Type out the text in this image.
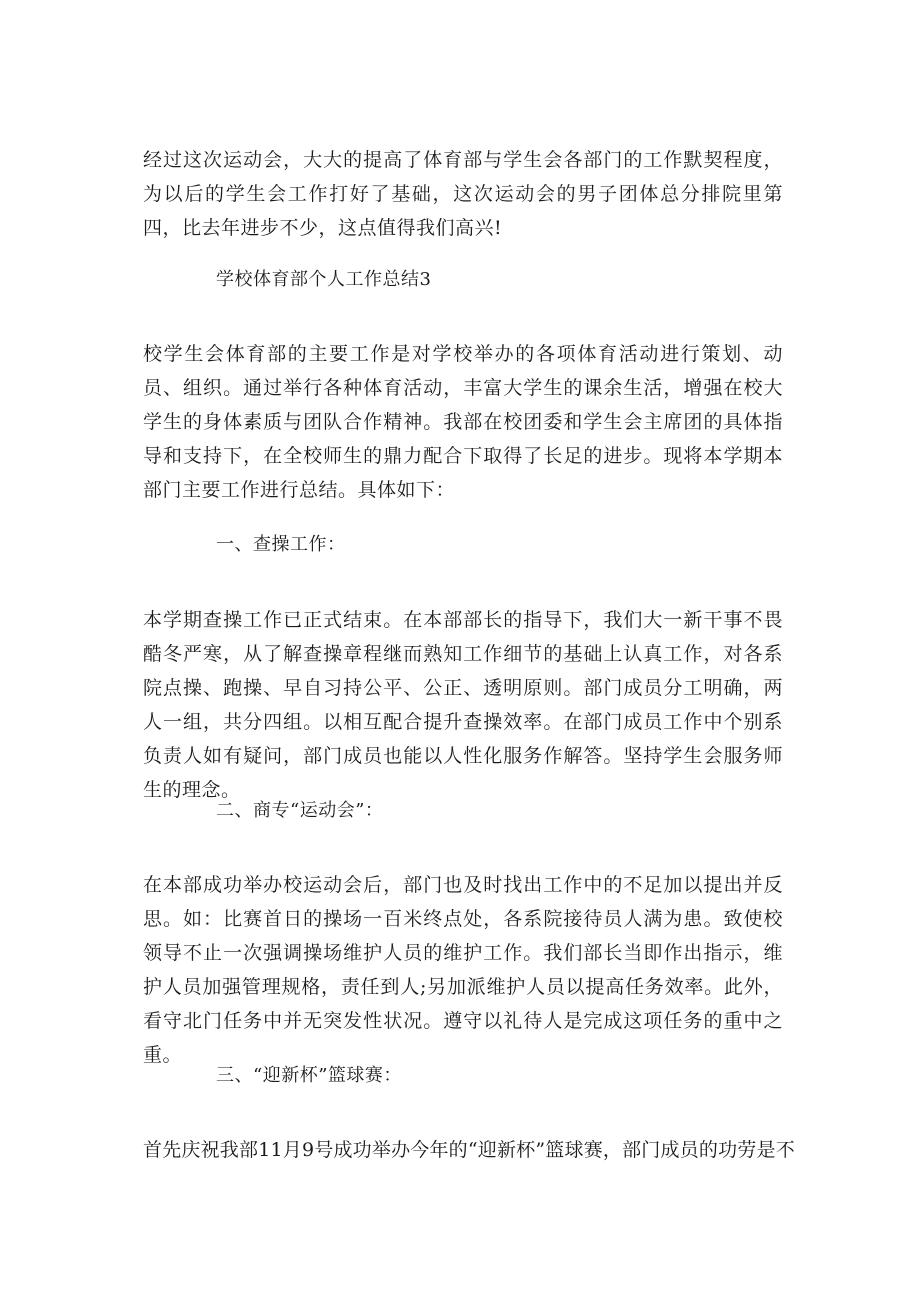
经过这次运动会，大大的提高了体育部与学生会各部门的工作默契程度，为以后的学生会工作打好了基础，这次运动会的男子团体总分排院里第四，比去年进步不少，这点值得我们高兴!

学校体育部个人工作总结3

校学生会体育部的主要工作是对学校举办的各项体育活动进行策划、动员、组织。通过举行各种体育活动，丰富大学生的课余生活，增强在校大学生的身体素质与团队合作精神。我部在校团委和学生会主席团的具体指导和支持下，在全校师生的鼎力配合下取得了长足的进步。现将本学期本部门主要工作进行总结。具体如下：

一、查操工作：

本学期查操工作已正式结束。在本部部长的指导下，我们大一新干事不畏酷冬严寒，从了解查操章程继而熟知工作细节的基础上认真工作，对各系院点操、跑操、早自习持公平、公正、透明原则。部门成员分工明确，两人一组，共分四组。以相互配合提升查操效率。在部门成员工作中个别系负责人如有疑问，部门成员也能以人性化服务作解答。坚持学生会服务师生的理念。

二、商专“运动会”：

在本部成功举办校运动会后，部门也及时找出工作中的不足加以提出并反思。如：比赛首日的操场一百米终点处，各系院接待员人满为患。致使校领导不止一次强调操场维护人员的维护工作。我们部长当即作出指示，维护人员加强管理规格，责任到人;另加派维护人员以提高任务效率。此外，看守北门任务中并无突发性状况。遵守以礼待人是完成这项任务的重中之重。

三、“迎新杯”篮球赛：

首先庆祝我部11月9号成功举办今年的“迎新杯”篮球赛，部门成员的功劳是不
